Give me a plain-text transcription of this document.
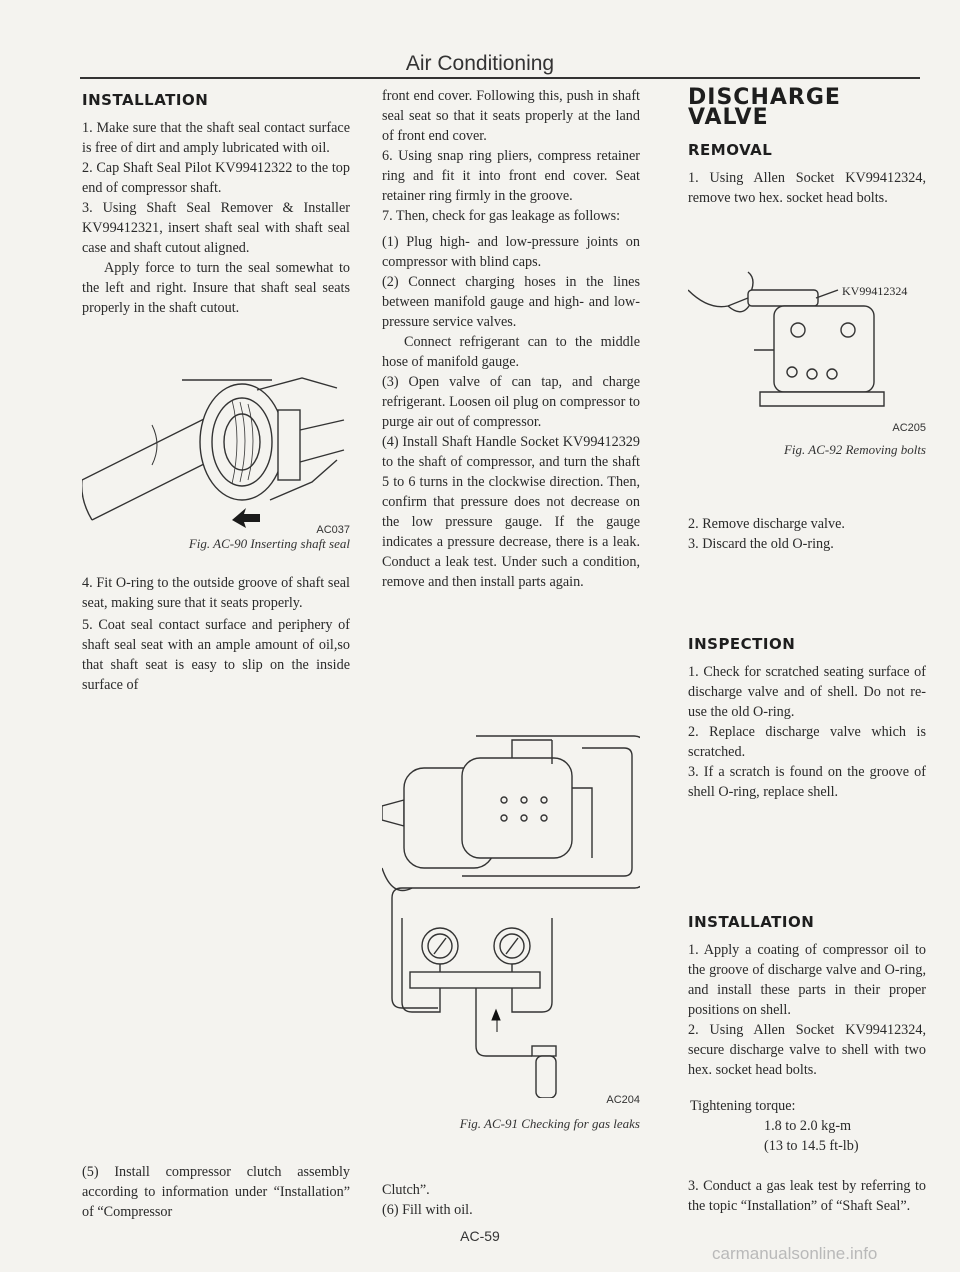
Air Conditioning
INSTALLATION

1. Make sure that the shaft seal contact surface is free of dirt and amply lubricated with oil.

2. Cap Shaft Seal Pilot KV99412322 to the top end of compressor shaft.

3. Using Shaft Seal Remover & Installer KV99412321, insert shaft seal with shaft seal case and shaft cutout aligned.

Apply force to turn the seal somewhat to the left and right. Insure that shaft seal seats properly in the shaft cutout.

AC037
Fig. AC-90 Inserting shaft seal

4. Fit O-ring to the outside groove of shaft seal seat, making sure that it seats properly.

5. Coat seal contact surface and periphery of shaft seal seat with an ample amount of oil,so that shaft seat is easy to slip on the inside surface of

(5) Install compressor clutch assembly according to information under “Installation” of “Compressor

front end cover. Following this, push in shaft seal seat so that it seats properly at the land of front end cover.

6. Using snap ring pliers, compress retainer ring and fit it into front end cover. Seat retainer ring firmly in the groove.

7. Then, check for gas leakage as follows:

(1) Plug high- and low-pressure joints on compressor with blind caps.

(2) Connect charging hoses in the lines between manifold gauge and high- and low-pressure service valves.

Connect refrigerant can to the middle hose of manifold gauge.

(3) Open valve of can tap, and charge refrigerant. Loosen oil plug on compressor to purge air out of compressor.

(4) Install Shaft Handle Socket KV99412329 to the shaft of compressor, and turn the shaft 5 to 6 turns in the clockwise direction. Then, confirm that pressure does not decrease on the low pressure gauge. If the gauge indicates a pressure decrease, there is a leak. Conduct a leak test. Under such a condition, remove and then install parts again.

AC204
Fig. AC-91 Checking for gas leaks

Clutch”.

(6) Fill with oil.

DISCHARGE VALVE
REMOVAL

1. Using Allen Socket KV99412324, remove two hex. socket head bolts.

KV99412324
AC205
Fig. AC-92 Removing bolts

2. Remove discharge valve.

3. Discard the old O-ring.

INSPECTION

1. Check for scratched seating surface of discharge valve and of shell. Do not re-use the old O-ring.

2. Replace discharge valve which is scratched.

3. If a scratch is found on the groove of shell O-ring, replace shell.

INSTALLATION

1. Apply a coating of compressor oil to the groove of discharge valve and O-ring, and install these parts in their proper positions on shell.

2. Using Allen Socket KV99412324, secure discharge valve to shell with two hex. socket head bolts.

Tightening torque:
1.8 to 2.0 kg-m
(13 to 14.5 ft-lb)

3. Conduct a gas leak test by referring to the topic “Installation” of “Shaft Seal”.

AC-59
carmanualsonline.info
